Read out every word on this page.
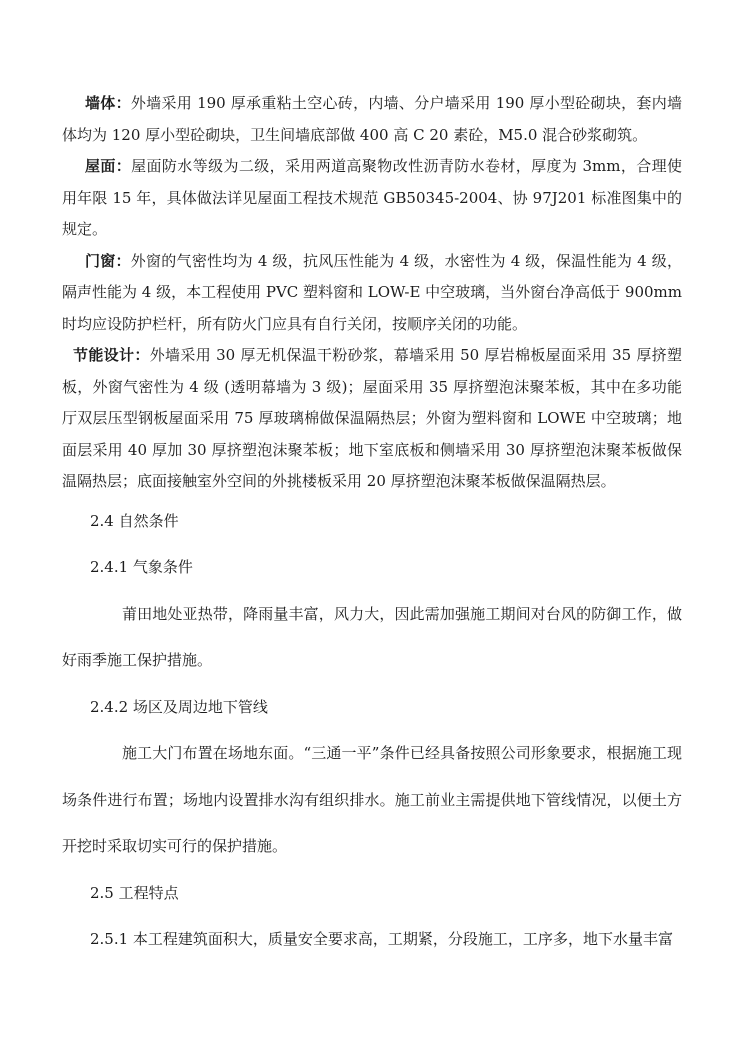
墙体：外墙采用 190 厚承重粘土空心砖，内墙、分户墙采用 190 厚小型砼砌块，套内墙体均为 120 厚小型砼砌块，卫生间墙底部做 400 高 C 20 素砼，M5.0 混合砂浆砌筑。

屋面：屋面防水等级为二级，采用两道高聚物改性沥青防水卷材，厚度为 3mm，合理使用年限 15 年，具体做法详见屋面工程技术规范 GB50345-2004、协 97J201 标准图集中的规定。

门窗：外窗的气密性均为 4 级，抗风压性能为 4 级，水密性为 4 级，保温性能为 4 级，隔声性能为 4 级，本工程使用 PVC 塑料窗和 LOW-E 中空玻璃，当外窗台净高低于 900mm 时均应设防护栏杆，所有防火门应具有自行关闭，按顺序关闭的功能。

节能设计：外墙采用 30 厚无机保温干粉砂浆，幕墙采用 50 厚岩棉板屋面采用 35 厚挤塑板，外窗气密性为 4 级 (透明幕墙为 3 级)；屋面采用 35 厚挤塑泡沫聚苯板，其中在多功能厅双层压型钢板屋面采用 75 厚玻璃棉做保温隔热层；外窗为塑料窗和 LOWE 中空玻璃；地面层采用 40 厚加 30 厚挤塑泡沫聚苯板；地下室底板和侧墙采用 30 厚挤塑泡沫聚苯板做保温隔热层；底面接触室外空间的外挑楼板采用 20 厚挤塑泡沫聚苯板做保温隔热层。

2.4 自然条件

2.4.1 气象条件

莆田地处亚热带，降雨量丰富，风力大，因此需加强施工期间对台风的防御工作，做好雨季施工保护措施。

2.4.2 场区及周边地下管线

施工大门布置在场地东面。“三通一平”条件已经具备按照公司形象要求，根据施工现场条件进行布置；场地内设置排水沟有组织排水。施工前业主需提供地下管线情况，以便土方开挖时采取切实可行的保护措施。

2.5 工程特点

2.5.1 本工程建筑面积大，质量安全要求高，工期紧，分段施工，工序多，地下水量丰富
